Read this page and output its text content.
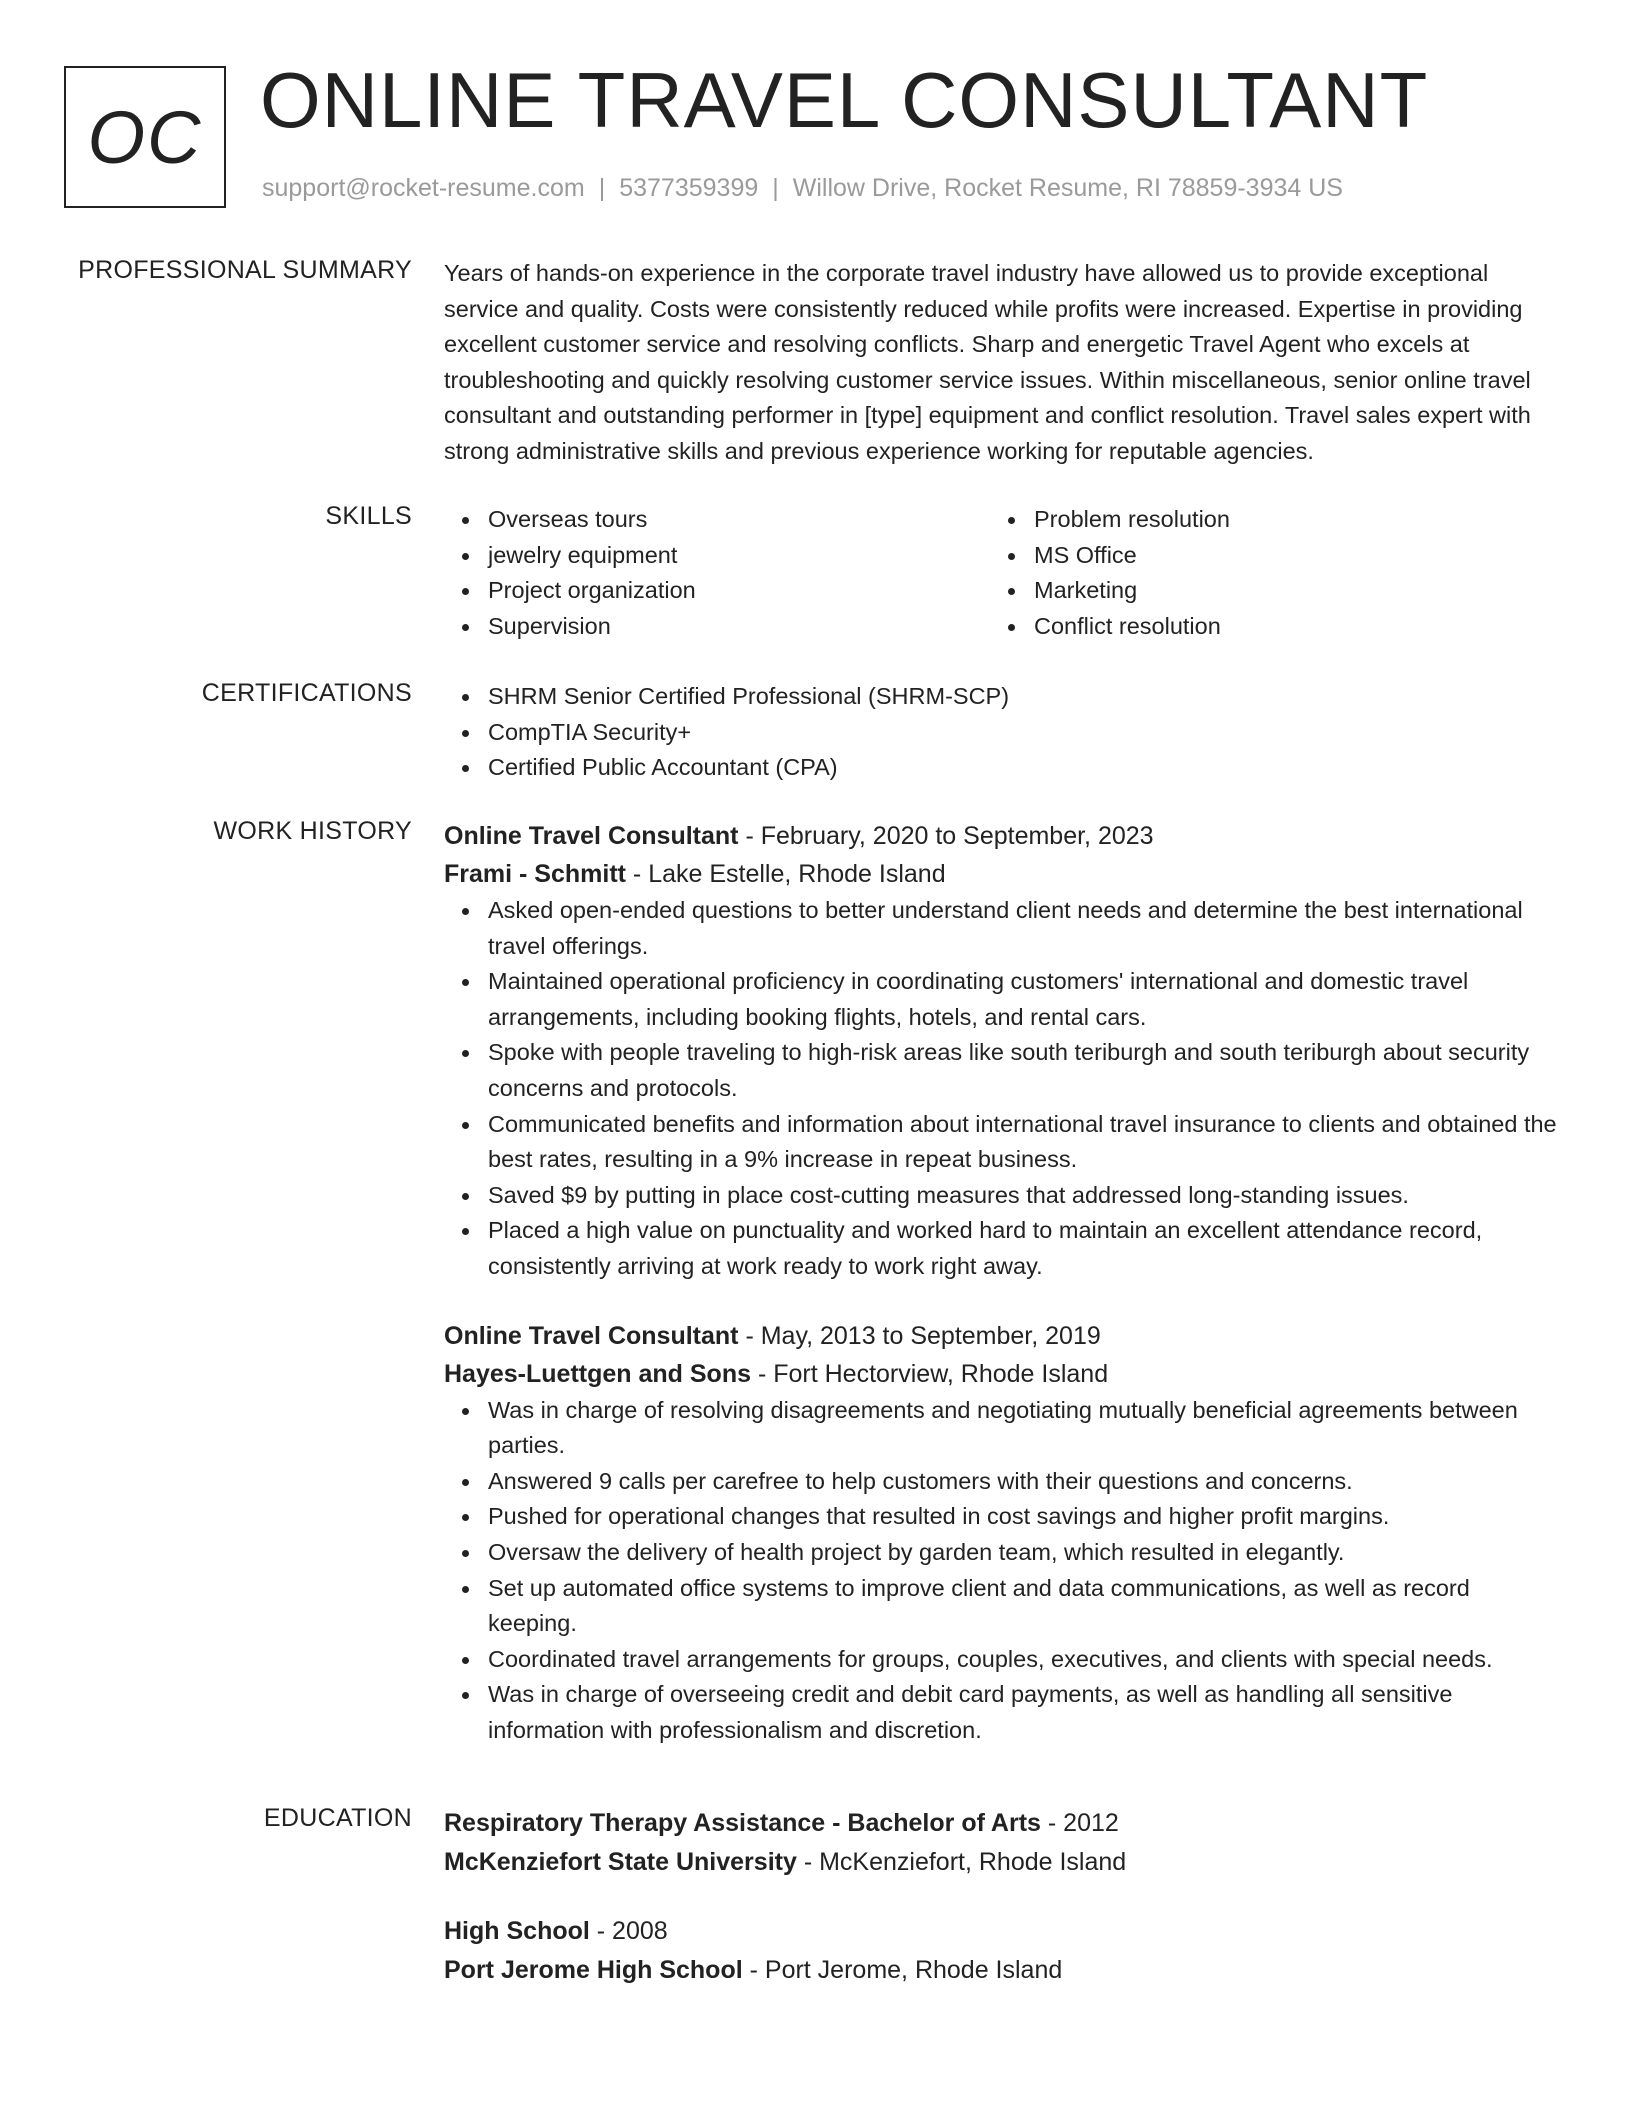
OC ONLINE TRAVEL CONSULTANT
support@rocket-resume.com | 5377359399 | Willow Drive, Rocket Resume, RI 78859-3934 US
PROFESSIONAL SUMMARY Years of hands-on experience in the corporate travel industry have allowed us to provide exceptional service and quality. Costs were consistently reduced while profits were increased. Expertise in providing excellent customer service and resolving conflicts. Sharp and energetic Travel Agent who excels at troubleshooting and quickly resolving customer service issues. Within miscellaneous, senior online travel consultant and outstanding performer in [type] equipment and conflict resolution. Travel sales expert with strong administrative skills and previous experience working for reputable agencies.

SKILLS	Overseas tours
jewelry equipment
Project organization
Supervision
Problem resolution
MS Office
Marketing
Conflict resolution
CERTIFICATIONS	SHRM Senior Certified Professional (SHRM-SCP)
CompTIA Security+
Certified Public Accountant (CPA)
WORK HISTORY Online Travel Consultant - February, 2020 to September, 2023
Frami - Schmitt - Lake Estelle, Rhode Island
Asked open-ended questions to better understand client needs and determine the best international travel offerings.
Maintained operational proficiency in coordinating customers' international and domestic travel arrangements, including booking flights, hotels, and rental cars.
Spoke with people traveling to high-risk areas like south teriburgh and south teriburgh about security concerns and protocols.
Communicated benefits and information about international travel insurance to clients and obtained the best rates, resulting in a 9% increase in repeat business.
Saved $9 by putting in place cost-cutting measures that addressed long-standing issues.
Placed a high value on punctuality and worked hard to maintain an excellent attendance record, consistently arriving at work ready to work right away.
Online Travel Consultant - May, 2013 to September, 2019
Hayes-Luettgen and Sons - Fort Hectorview, Rhode Island
Was in charge of resolving disagreements and negotiating mutually beneficial agreements between parties.
Answered 9 calls per carefree to help customers with their questions and concerns.
Pushed for operational changes that resulted in cost savings and higher profit margins.
Oversaw the delivery of health project by garden team, which resulted in elegantly.
Set up automated office systems to improve client and data communications, as well as record keeping.
Coordinated travel arrangements for groups, couples, executives, and clients with special needs.
Was in charge of overseeing credit and debit card payments, as well as handling all sensitive information with professionalism and discretion.
EDUCATION Respiratory Therapy Assistance - Bachelor of Arts - 2012
McKenziefort State University - McKenziefort, Rhode Island
High School - 2008
Port Jerome High School - Port Jerome, Rhode Island
